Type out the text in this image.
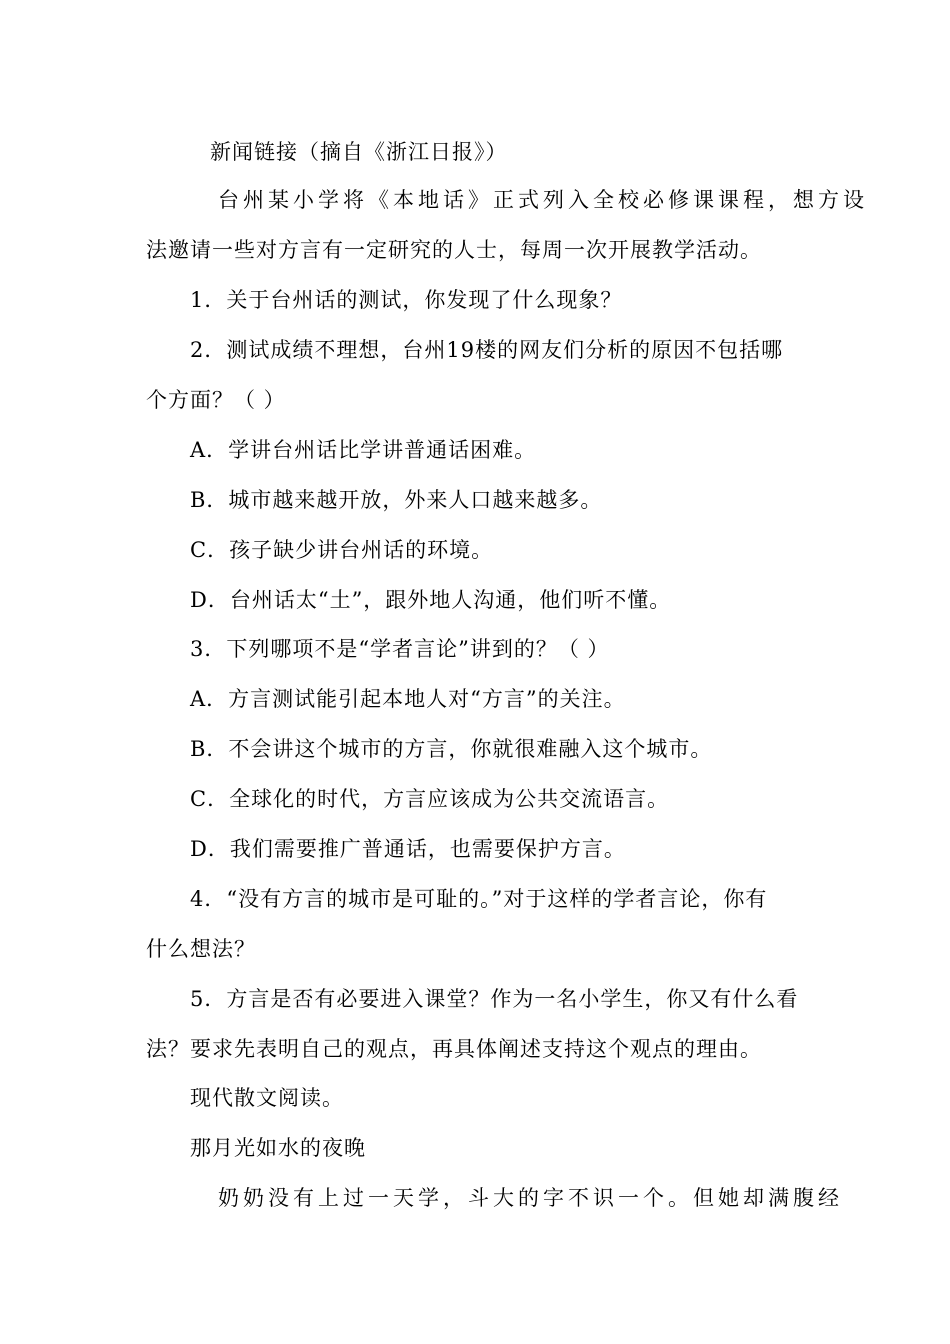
新闻链接（摘自《浙江日报》）
台州某小学将《本地话》正式列入全校必修课课程，想方设
法邀请一些对方言有一定研究的人士，每周一次开展教学活动。
1．关于台州话的测试，你发现了什么现象？
2．测试成绩不理想，台州19楼的网友们分析的原因不包括哪
个方面？（ ）
A．学讲台州话比学讲普通话困难。
B．城市越来越开放，外来人口越来越多。
C．孩子缺少讲台州话的环境。
D．台州话太“土”，跟外地人沟通，他们听不懂。
3．下列哪项不是“学者言论”讲到的？（ ）
A．方言测试能引起本地人对“方言”的关注。
B．不会讲这个城市的方言，你就很难融入这个城市。
C．全球化的时代，方言应该成为公共交流语言。
D．我们需要推广普通话，也需要保护方言。
4．“没有方言的城市是可耻的。”对于这样的学者言论，你有
什么想法？
5．方言是否有必要进入课堂？作为一名小学生，你又有什么看
法？要求先表明自己的观点，再具体阐述支持这个观点的理由。
现代散文阅读。
那月光如水的夜晚
奶奶没有上过一天学，斗大的字不识一个。但她却满腹经
